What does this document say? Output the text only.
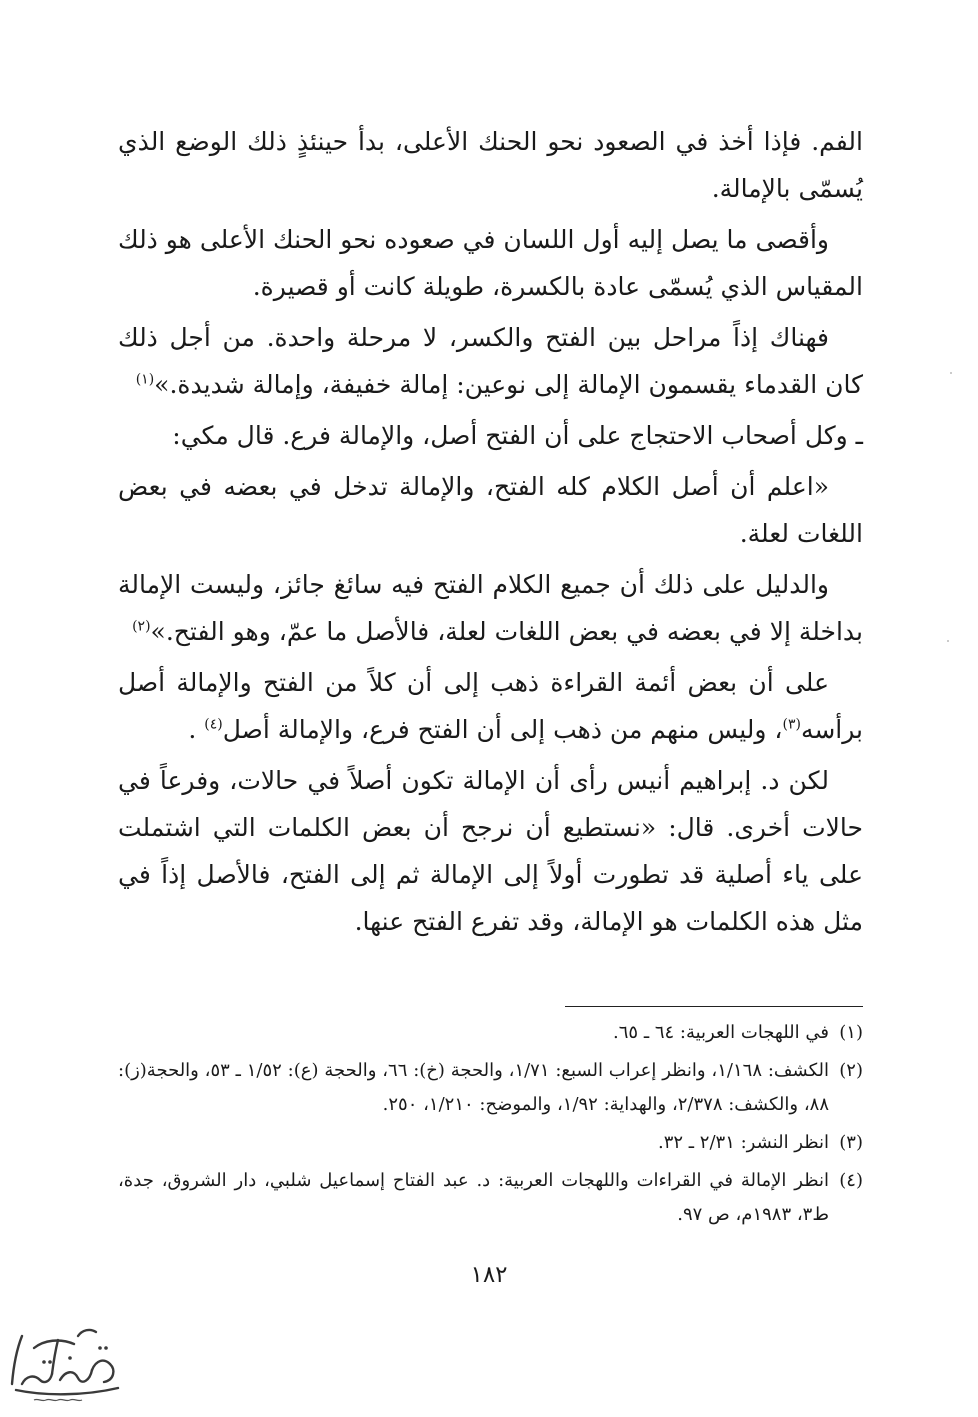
الفم. فإذا أخذ في الصعود نحو الحنك الأعلى، بدأ حينئذٍ ذلك الوضع الذي يُسمّى بالإمالة.

وأقصى ما يصل إليه أول اللسان في صعوده نحو الحنك الأعلى هو ذلك المقياس الذي يُسمّى عادة بالكسرة، طويلة كانت أو قصيرة.

فهناك إذاً مراحل بين الفتح والكسر، لا مرحلة واحدة. من أجل ذلك كان القدماء يقسمون الإمالة إلى نوعين: إمالة خفيفة، وإمالة شديدة.»$^{(١)}$

ـ وكل أصحاب الاحتجاج على أن الفتح أصل، والإمالة فرع. قال مكي:

«اعلم أن أصل الكلام كله الفتح، والإمالة تدخل في بعضه في بعض اللغات لعلة.

والدليل على ذلك أن جميع الكلام الفتح فيه سائغ جائز، وليست الإمالة بداخلة إلا في بعضه في بعض اللغات لعلة، فالأصل ما عمّ، وهو الفتح.»$^{(٢)}$

على أن بعض أئمة القراءة ذهب إلى أن كلاً من الفتح والإمالة أصل برأسه$^{(٣)}$، وليس منهم من ذهب إلى أن الفتح فرع، والإمالة أصل$^{(٤)}$ .

لكن د. إبراهيم أنيس رأى أن الإمالة تكون أصلاً في حالات، وفرعاً في حالات أخرى. قال: «نستطيع أن نرجح أن بعض الكلمات التي اشتملت على ياء أصلية قد تطورت أولاً إلى الإمالة ثم إلى الفتح، فالأصل إذاً في مثل هذه الكلمات هو الإمالة، وقد تفرع الفتح عنها.

(١)
في اللهجات العربية: ٦٤ ـ ٦٥.
(٢)
الكشف: ١/١٦٨، وانظر إعراب السبع: ١/٧١، والحجة (خ): ٦٦، والحجة (ع): ١/٥٢ ـ ٥٣، والحجة(ز): ٨٨، والكشف: ٢/٣٧٨، والهداية: ١/٩٢، والموضح: ١/٢١٠، ٢٥٠.
(٣)
انظر النشر: ٢/٣١ ـ ٣٢.
(٤)
انظر الإمالة في القراءات واللهجات العربية: د. عبد الفتاح إسماعيل شلبي، دار الشروق، جدة، ط٣، ١٩٨٣م، ص ٩٧.
١٨٢
